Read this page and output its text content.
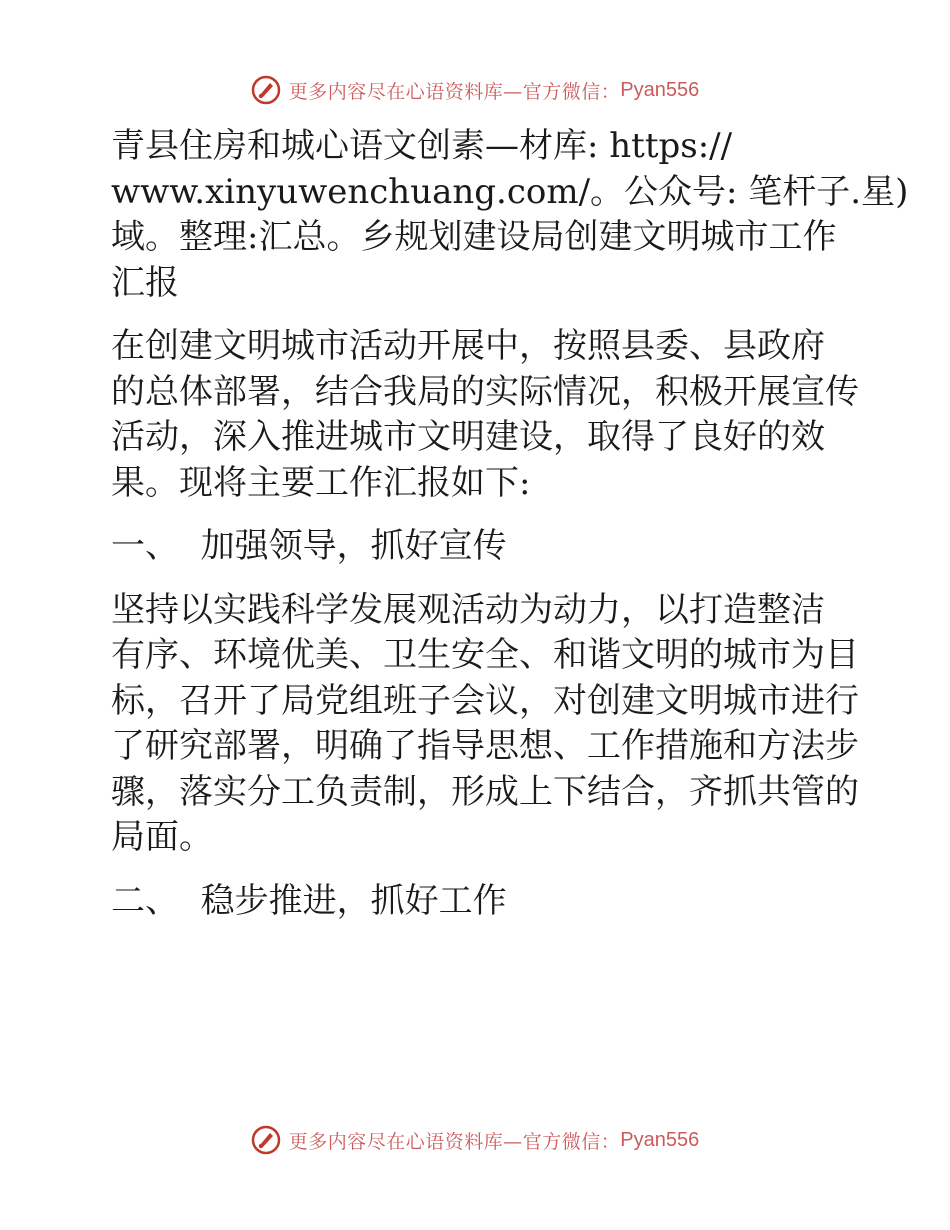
更多内容尽在心语资料库—官方微信： Pyan556

青县住房和城心语文创素—材库: https://
www.xinyuwenchuang.com/。公众号: 笔杆子.星)
域。整理:汇总。乡规划建设局创建文明城市工作
汇报

在创建文明城市活动开展中，按照县委、县政府
的总体部署，结合我局的实际情况，积极开展宣传
活动，深入推进城市文明建设，取得了良好的效
果。现将主要工作汇报如下:

一、  加强领导，抓好宣传

坚持以实践科学发展观活动为动力，以打造整洁
有序、环境优美、卫生安全、和谐文明的城市为目
标，召开了局党组班子会议，对创建文明城市进行
了研究部署，明确了指导思想、工作措施和方法步
骤，落实分工负责制，形成上下结合，齐抓共管的
局面。

二、  稳步推进，抓好工作

更多内容尽在心语资料库—官方微信： Pyan556
